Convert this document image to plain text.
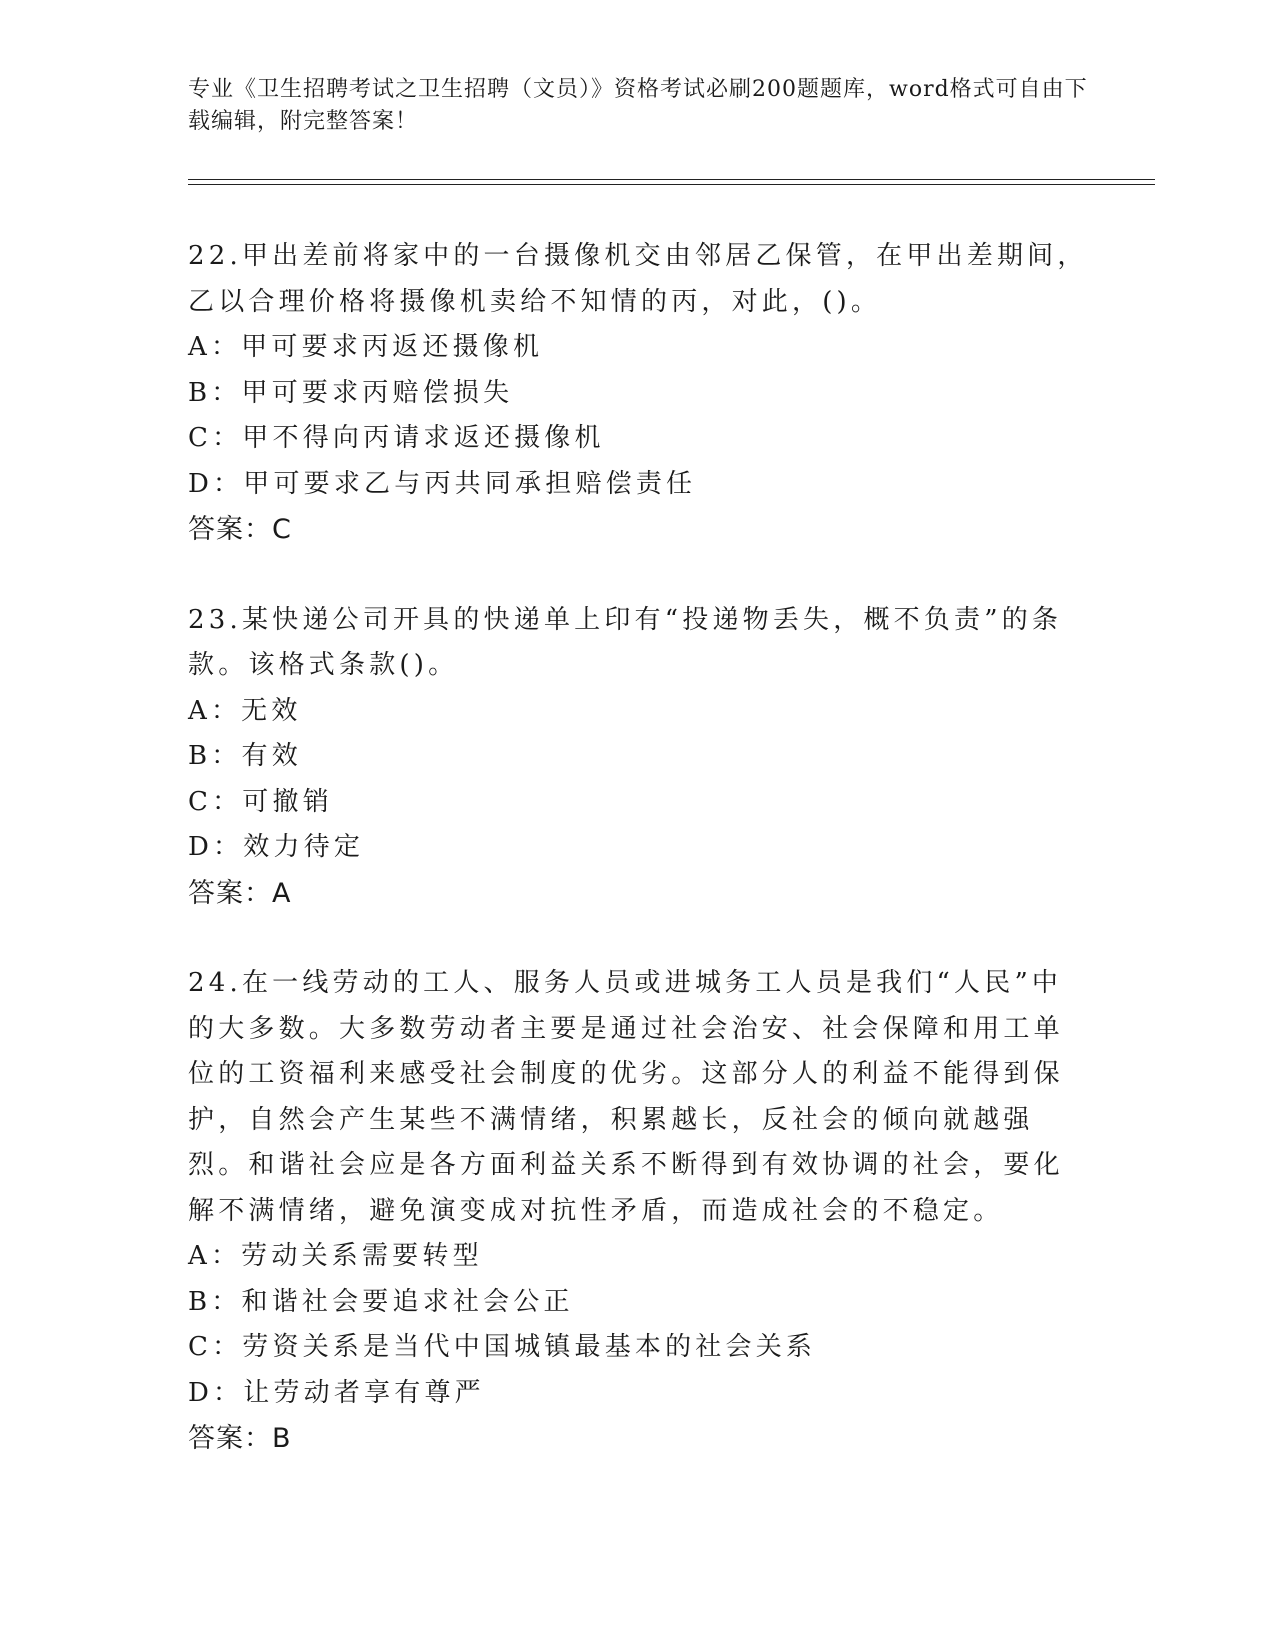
专业《卫生招聘考试之卫生招聘（文员）》资格考试必刷200题题库，word格式可自由下载编辑，附完整答案！

22.甲出差前将家中的一台摄像机交由邻居乙保管，在甲出差期间，乙以合理价格将摄像机卖给不知情的丙，对此，()。

A：甲可要求丙返还摄像机

B：甲可要求丙赔偿损失

C：甲不得向丙请求返还摄像机

D：甲可要求乙与丙共同承担赔偿责任

答案：C

23.某快递公司开具的快递单上印有“投递物丢失，概不负责”的条款。该格式条款()。

A：无效

B：有效

C：可撤销

D：效力待定

答案：A

24.在一线劳动的工人、服务人员或进城务工人员是我们“人民”中的大多数。大多数劳动者主要是通过社会治安、社会保障和用工单位的工资福利来感受社会制度的优劣。这部分人的利益不能得到保护，自然会产生某些不满情绪，积累越长，反社会的倾向就越强烈。和谐社会应是各方面利益关系不断得到有效协调的社会，要化解不满情绪，避免演变成对抗性矛盾，而造成社会的不稳定。

A：劳动关系需要转型

B：和谐社会要追求社会公正

C：劳资关系是当代中国城镇最基本的社会关系

D：让劳动者享有尊严

答案：B
